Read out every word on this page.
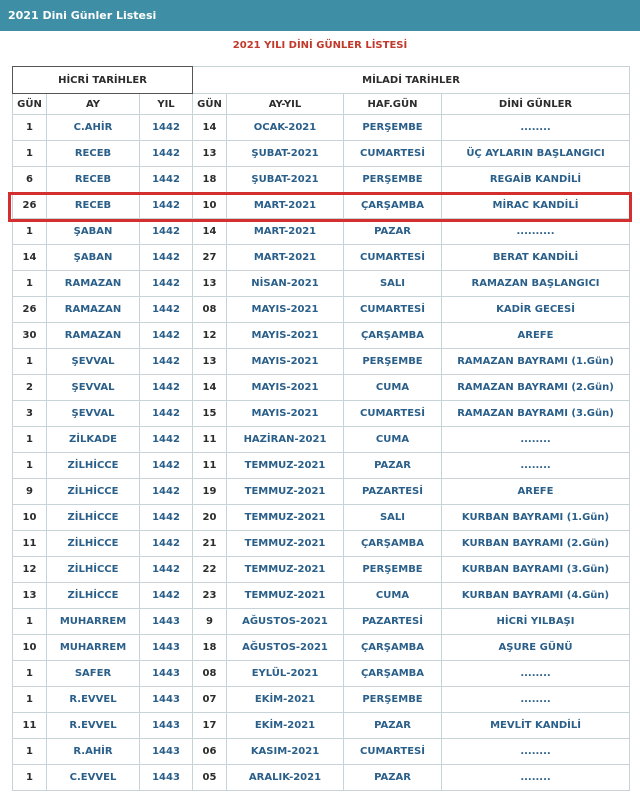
2021 Dini Günler Listesi
2021 YILI DİNİ GÜNLER LİSTESİ
HİCRİ TARİHLER			MİLADİ TARİHLER			
GÜN	AY	YIL	GÜN	AY-YIL	HAF.GÜN	DİNİ GÜNLER
1	C.AHİR	1442	14	OCAK-2021	PERŞEMBE	........
1	RECEB	1442	13	ŞUBAT-2021	CUMARTESİ	ÜÇ AYLARIN BAŞLANGICI
6	RECEB	1442	18	ŞUBAT-2021	PERŞEMBE	REGAİB KANDİLİ
26	RECEB	1442	10	MART-2021	ÇARŞAMBA	MİRAC KANDİLİ
1	ŞABAN	1442	14	MART-2021	PAZAR	..........
14	ŞABAN	1442	27	MART-2021	CUMARTESİ	BERAT KANDİLİ
1	RAMAZAN	1442	13	NİSAN-2021	SALI	RAMAZAN BAŞLANGICI
26	RAMAZAN	1442	08	MAYIS-2021	CUMARTESİ	KADİR GECESİ
30	RAMAZAN	1442	12	MAYIS-2021	ÇARŞAMBA	AREFE
1	ŞEVVAL	1442	13	MAYIS-2021	PERŞEMBE	RAMAZAN BAYRAMI (1.Gün)
2	ŞEVVAL	1442	14	MAYIS-2021	CUMA	RAMAZAN BAYRAMI (2.Gün)
3	ŞEVVAL	1442	15	MAYIS-2021	CUMARTESİ	RAMAZAN BAYRAMI (3.Gün)
1	ZİLKADE	1442	11	HAZİRAN-2021	CUMA	........
1	ZİLHİCCE	1442	11	TEMMUZ-2021	PAZAR	........
9	ZİLHİCCE	1442	19	TEMMUZ-2021	PAZARTESİ	AREFE
10	ZİLHİCCE	1442	20	TEMMUZ-2021	SALI	KURBAN BAYRAMI (1.Gün)
11	ZİLHİCCE	1442	21	TEMMUZ-2021	ÇARŞAMBA	KURBAN BAYRAMI (2.Gün)
12	ZİLHİCCE	1442	22	TEMMUZ-2021	PERŞEMBE	KURBAN BAYRAMI (3.Gün)
13	ZİLHİCCE	1442	23	TEMMUZ-2021	CUMA	KURBAN BAYRAMI (4.Gün)
1	MUHARREM	1443	9	AĞUSTOS-2021	PAZARTESİ	HİCRİ YILBAŞI
10	MUHARREM	1443	18	AĞUSTOS-2021	ÇARŞAMBA	AŞURE GÜNÜ
1	SAFER	1443	08	EYLÜL-2021	ÇARŞAMBA	........
1	R.EVVEL	1443	07	EKİM-2021	PERŞEMBE	........
11	R.EVVEL	1443	17	EKİM-2021	PAZAR	MEVLİT KANDİLİ
1	R.AHİR	1443	06	KASIM-2021	CUMARTESİ	........
1	C.EVVEL	1443	05	ARALIK-2021	PAZAR	........
